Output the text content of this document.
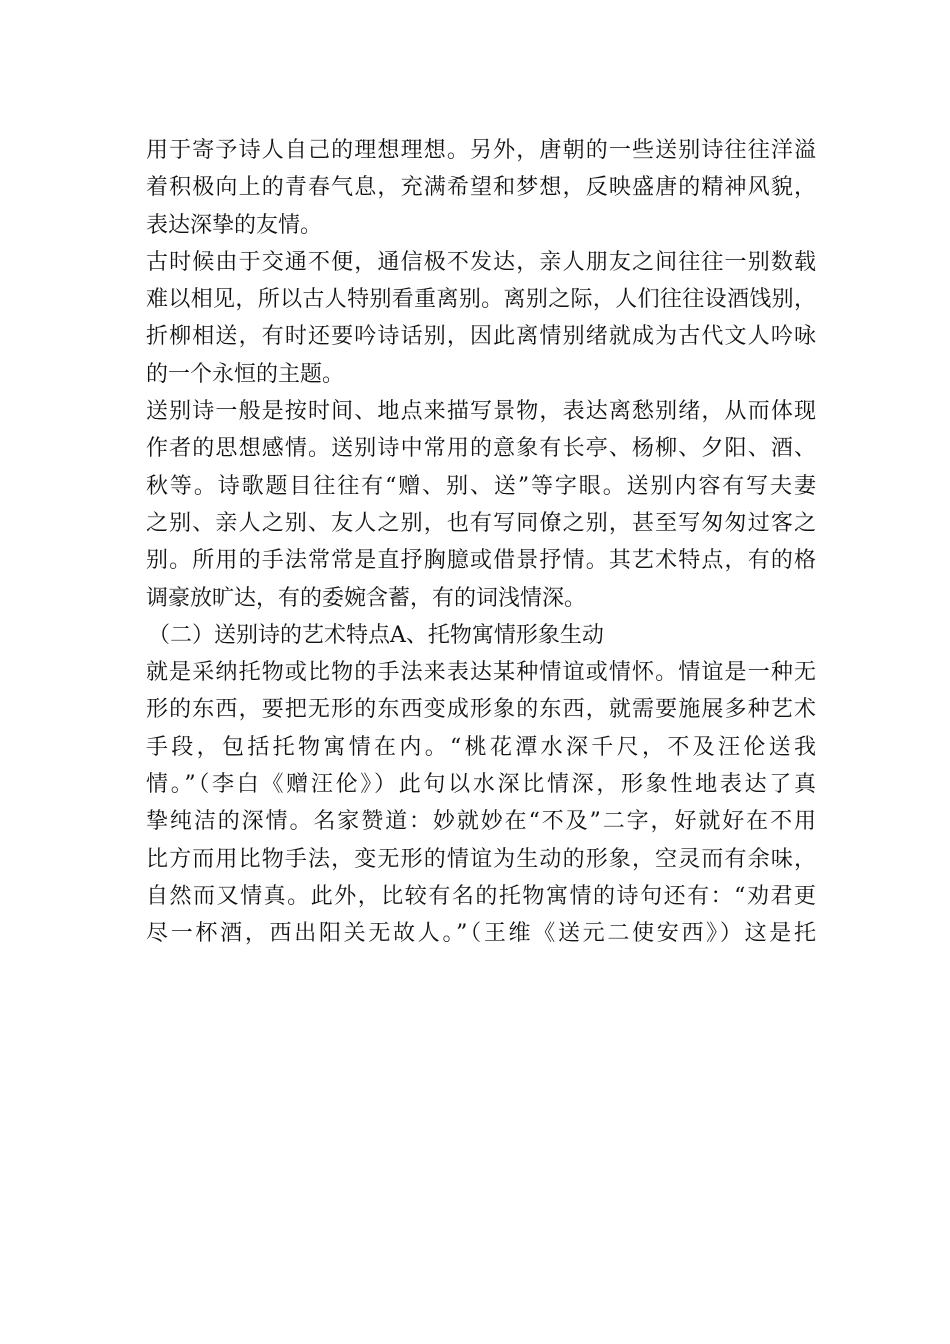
用于寄予诗人自己的理想理想。另外，唐朝的一些送别诗往往洋溢
着积极向上的青春气息，充满希望和梦想，反映盛唐的精神风貌，
表达深挚的友情。
古时候由于交通不便，通信极不发达，亲人朋友之间往往一别数载
难以相见，所以古人特别看重离别。离别之际，人们往往设酒饯别，
折柳相送，有时还要吟诗话别，因此离情别绪就成为古代文人吟咏
的一个永恒的主题。
送别诗一般是按时间、地点来描写景物，表达离愁别绪，从而体现
作者的思想感情。送别诗中常用的意象有长亭、杨柳、夕阳、酒、
秋等。诗歌题目往往有“赠、别、送”等字眼。送别内容有写夫妻
之别、亲人之别、友人之别，也有写同僚之别，甚至写匆匆过客之
别。所用的手法常常是直抒胸臆或借景抒情。其艺术特点，有的格
调豪放旷达，有的委婉含蓄，有的词浅情深。
（二）送别诗的艺术特点A、托物寓情形象生动
就是采纳托物或比物的手法来表达某种情谊或情怀。情谊是一种无
形的东西，要把无形的东西变成形象的东西，就需要施展多种艺术
手段，包括托物寓情在内。“桃花潭水深千尺，不及汪伦送我
情。”（李白《赠汪伦》）此句以水深比情深，形象性地表达了真
挚纯洁的深情。名家赞道：妙就妙在“不及”二字，好就好在不用
比方而用比物手法，变无形的情谊为生动的形象，空灵而有余味，
自然而又情真。此外，比较有名的托物寓情的诗句还有：“劝君更
尽一杯酒，西出阳关无故人。”（王维《送元二使安西》）这是托
